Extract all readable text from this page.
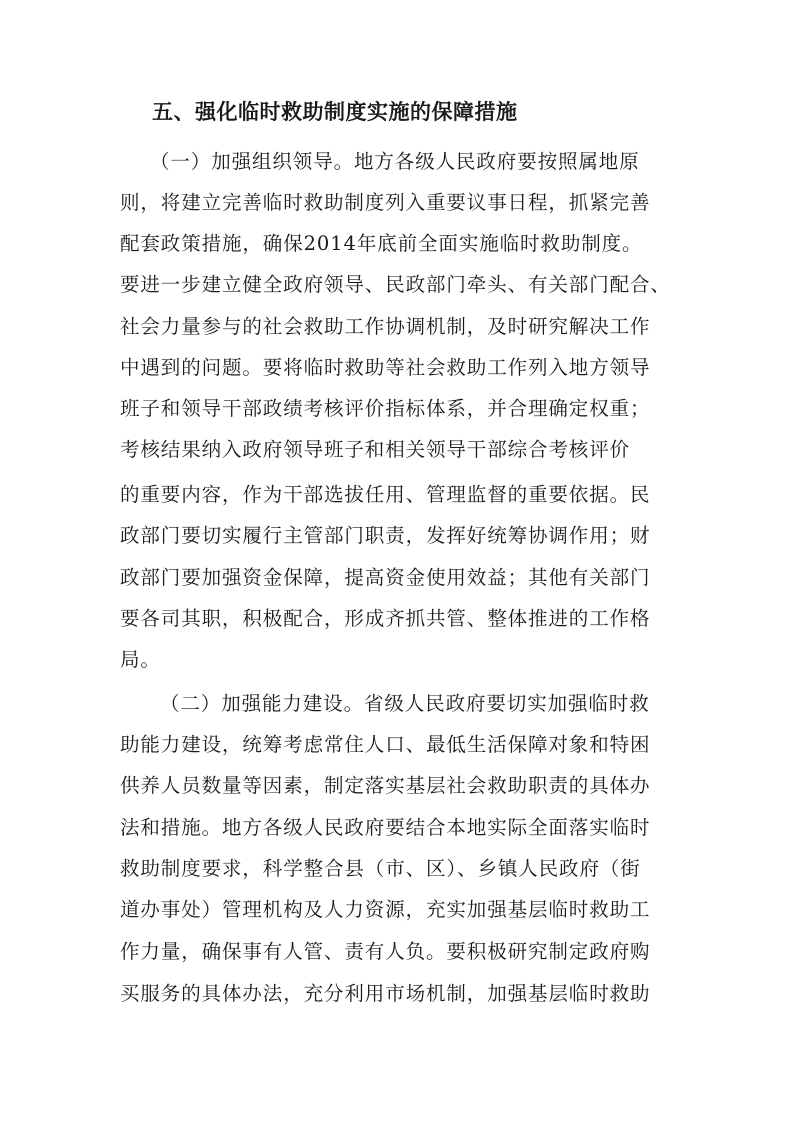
五、强化临时救助制度实施的保障措施
（一）加强组织领导。地方各级人民政府要按照属地原
则，将建立完善临时救助制度列入重要议事日程，抓紧完善
配套政策措施，确保2014年底前全面实施临时救助制度。
要进一步建立健全政府领导、民政部门牵头、有关部门配合、
社会力量参与的社会救助工作协调机制，及时研究解决工作
中遇到的问题。要将临时救助等社会救助工作列入地方领导
班子和领导干部政绩考核评价指标体系，并合理确定权重；
考核结果纳入政府领导班子和相关领导干部综合考核评价
的重要内容，作为干部选拔任用、管理监督的重要依据。民
政部门要切实履行主管部门职责，发挥好统筹协调作用；财
政部门要加强资金保障，提高资金使用效益；其他有关部门
要各司其职，积极配合，形成齐抓共管、整体推进的工作格
局。
（二）加强能力建设。省级人民政府要切实加强临时救
助能力建设，统筹考虑常住人口、最低生活保障对象和特困
供养人员数量等因素，制定落实基层社会救助职责的具体办
法和措施。地方各级人民政府要结合本地实际全面落实临时
救助制度要求，科学整合县（市、区）、乡镇人民政府（街
道办事处）管理机构及人力资源，充实加强基层临时救助工
作力量，确保事有人管、责有人负。要积极研究制定政府购
买服务的具体办法，充分利用市场机制，加强基层临时救助
